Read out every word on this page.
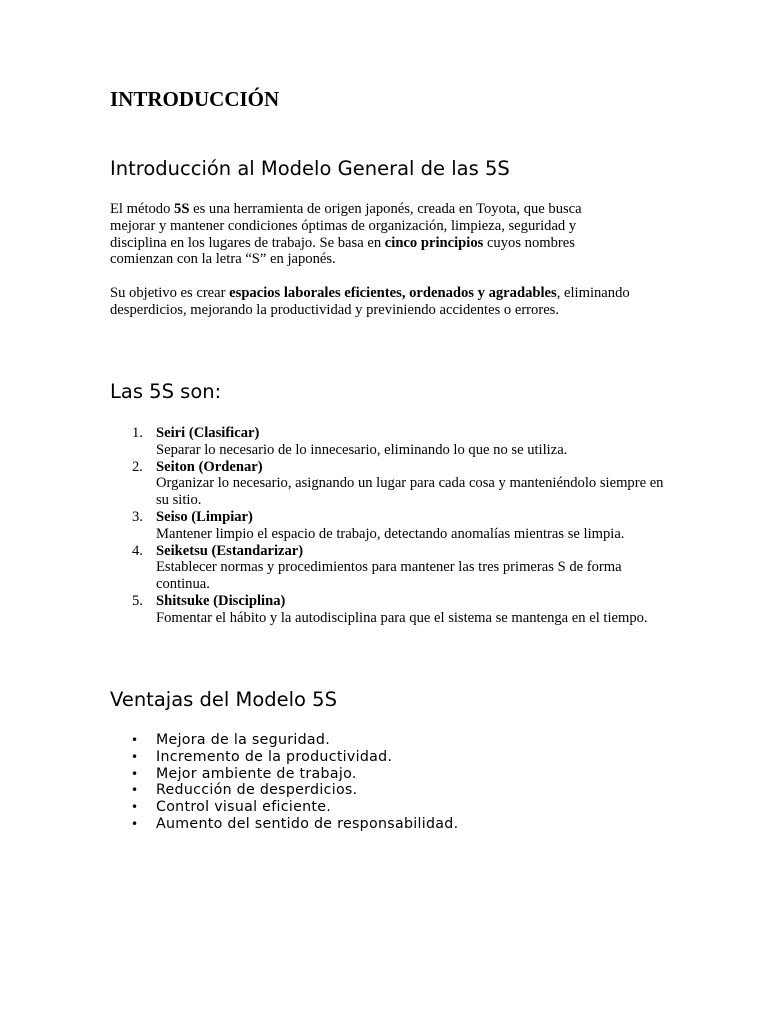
INTRODUCCIÓN
Introducción al Modelo General de las 5S

El método 5S es una herramienta de origen japonés, creada en Toyota, que busca mejorar y mantener condiciones óptimas de organización, limpieza, seguridad y disciplina en los lugares de trabajo. Se basa en cinco principios cuyos nombres comienzan con la letra “S” en japonés.

Su objetivo es crear espacios laborales eficientes, ordenados y agradables, eliminando desperdicios, mejorando la productividad y previniendo accidentes o errores.

Las 5S son:
1. Seiri (Clasificar)
Separar lo necesario de lo innecesario, eliminando lo que no se utiliza.
2. Seiton (Ordenar)
Organizar lo necesario, asignando un lugar para cada cosa y manteniéndolo siempre en su sitio.
3. Seiso (Limpiar)
Mantener limpio el espacio de trabajo, detectando anomalías mientras se limpia.
4. Seiketsu (Estandarizar)
Establecer normas y procedimientos para mantener las tres primeras S de forma continua.
5. Shitsuke (Disciplina)
Fomentar el hábito y la autodisciplina para que el sistema se mantenga en el tiempo.
Ventajas del Modelo 5S
• Mejora de la seguridad.
• Incremento de la productividad.
• Mejor ambiente de trabajo.
• Reducción de desperdicios.
• Control visual eficiente.
• Aumento del sentido de responsabilidad.
